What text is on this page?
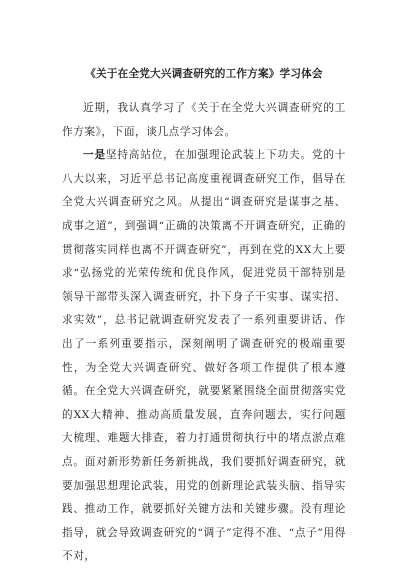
《关于在全党大兴调查研究的工作方案》学习体会

近期，我认真学习了《关于在全党大兴调查研究的工作方案》，下面，谈几点学习体会。

一是坚持高站位，在加强理论武装上下功夫。党的十八大以来，习近平总书记高度重视调查研究工作，倡导在全党大兴调查研究之风。从提出“调查研究是谋事之基、成事之道”，到强调“正确的决策离不开调查研究，正确的贯彻落实同样也离不开调查研究”，再到在党的XX大上要求“弘扬党的光荣传统和优良作风，促进党员干部特别是领导干部带头深入调查研究，扑下身子干实事、谋实招、求实效”，总书记就调查研究发表了一系列重要讲话、作出了一系列重要指示，深刻阐明了调查研究的极端重要性，为全党大兴调查研究、做好各项工作提供了根本遵循。在全党大兴调查研究，就要紧紧围绕全面贯彻落实党的XX大精神、推动高质量发展，直奔问题去，实行问题大梳理、难题大排查，着力打通贯彻执行中的堵点淤点难点。面对新形势新任务新挑战，我们要抓好调查研究，就要加强思想理论武装，用党的创新理论武装头脑、指导实践、推动工作，就要抓好关键方法和关键步骤。没有理论指导，就会导致调查研究的“调子”定得不准、“点子”用得不对，
